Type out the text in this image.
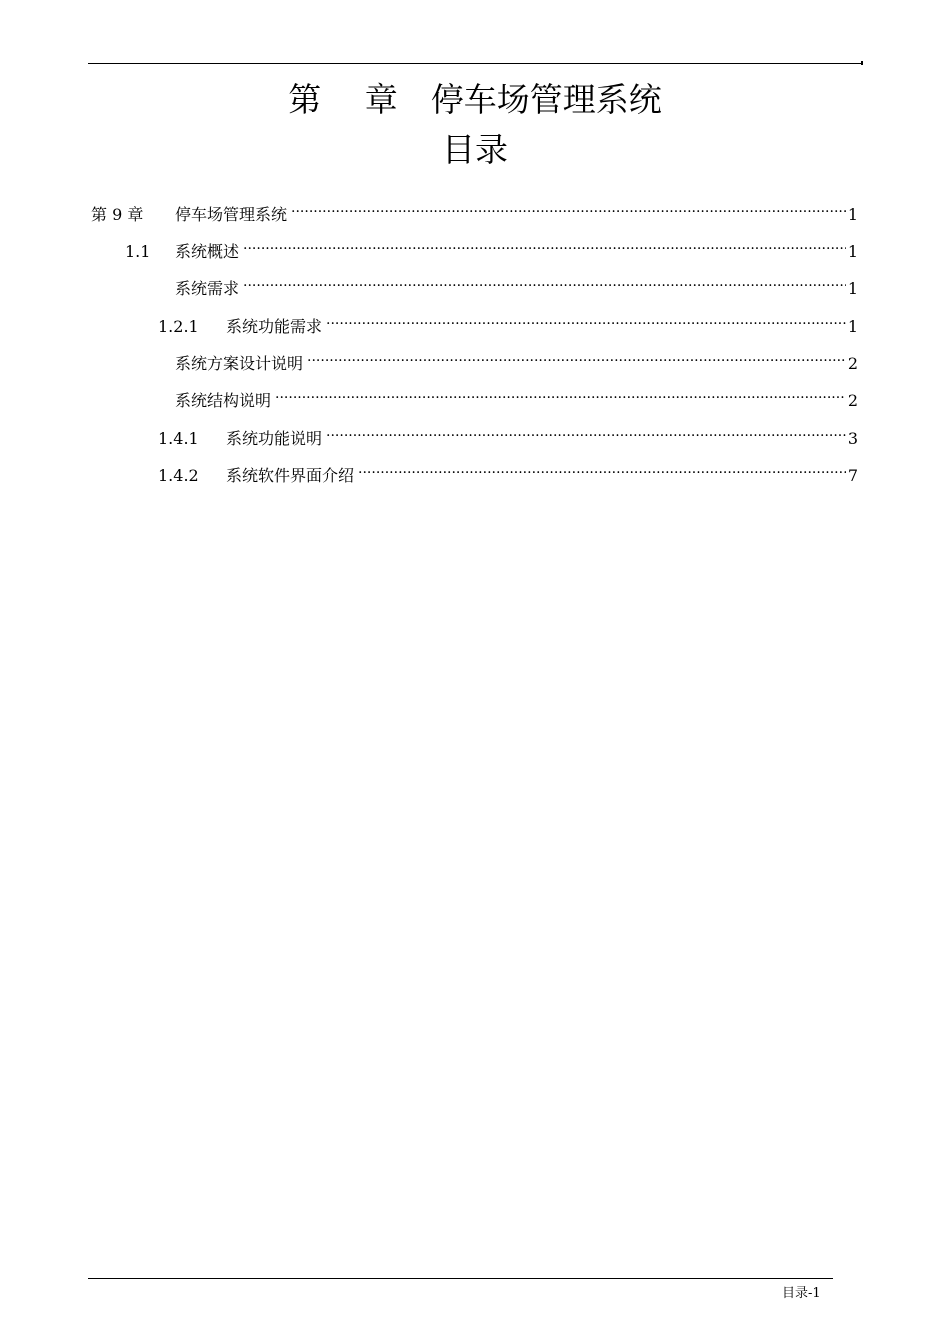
第　 章　停车场管理系统
目录
第 9 章	停车场管理系统 .....	1
1.1	系统概述 .....	1
系统需求 .....	1
1.2.1	系统功能需求 .....	1
系统方案设计说明 .....	2
系统结构说明 .....	2
1.4.1	系统功能说明 .....	3
1.4.2	系统软件界面介绍 .....	7
目录-1
